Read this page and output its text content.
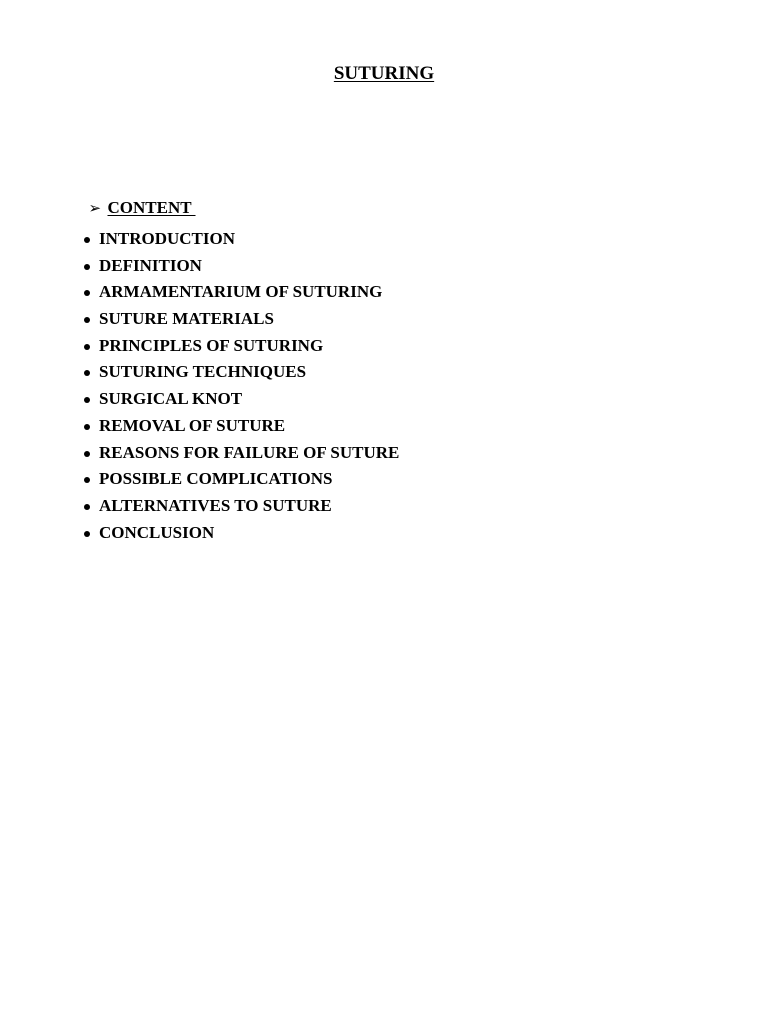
SUTURING

➢ CONTENT

INTRODUCTION
DEFINITION
ARMAMENTARIUM OF SUTURING
SUTURE MATERIALS
PRINCIPLES OF SUTURING
SUTURING TECHNIQUES
SURGICAL KNOT
REMOVAL OF SUTURE
REASONS FOR FAILURE OF SUTURE
POSSIBLE COMPLICATIONS
ALTERNATIVES TO SUTURE
CONCLUSION
